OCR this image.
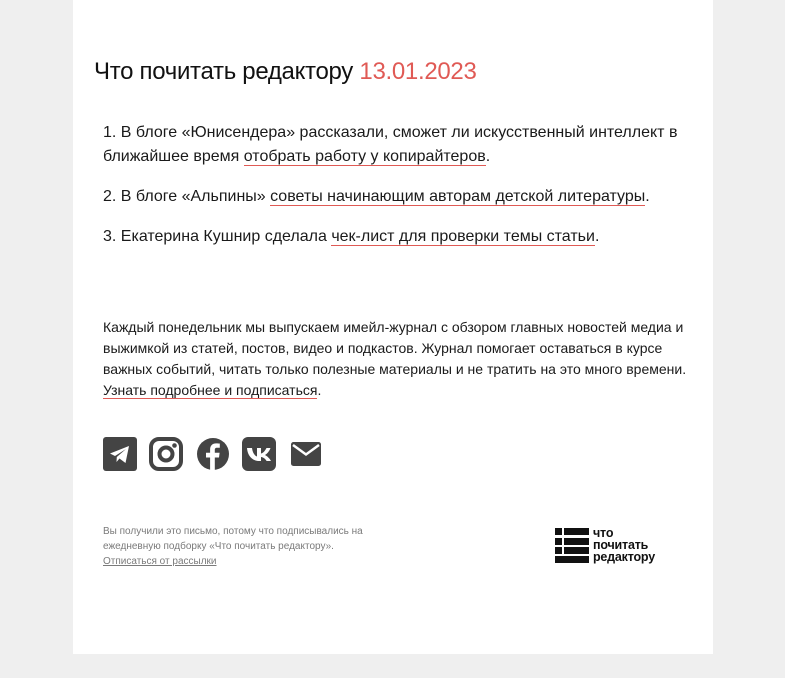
Что почитать редактору 13.01.2023

1. В блоге «Юнисендера» рассказали, сможет ли искусственный интеллект в ближайшее время отобрать работу у копирайтеров.

2. В блоге «Альпины» советы начинающим авторам детской литературы.

3. Екатерина Кушнир сделала чек-лист для проверки темы статьи.

Каждый понедельник мы выпускаем имейл-журнал с обзором главных новостей медиа и выжимкой из статей, постов, видео и подкастов. Журнал помогает оставаться в курсе важных событий, читать только полезные материалы и не тратить на это много времени. Узнать подробнее и подписаться.

Вы получили это письмо, потому что подписывались на ежедневную подборку «Что почитать редактору».
Отписаться от рассылки
что
почитать
редактору
